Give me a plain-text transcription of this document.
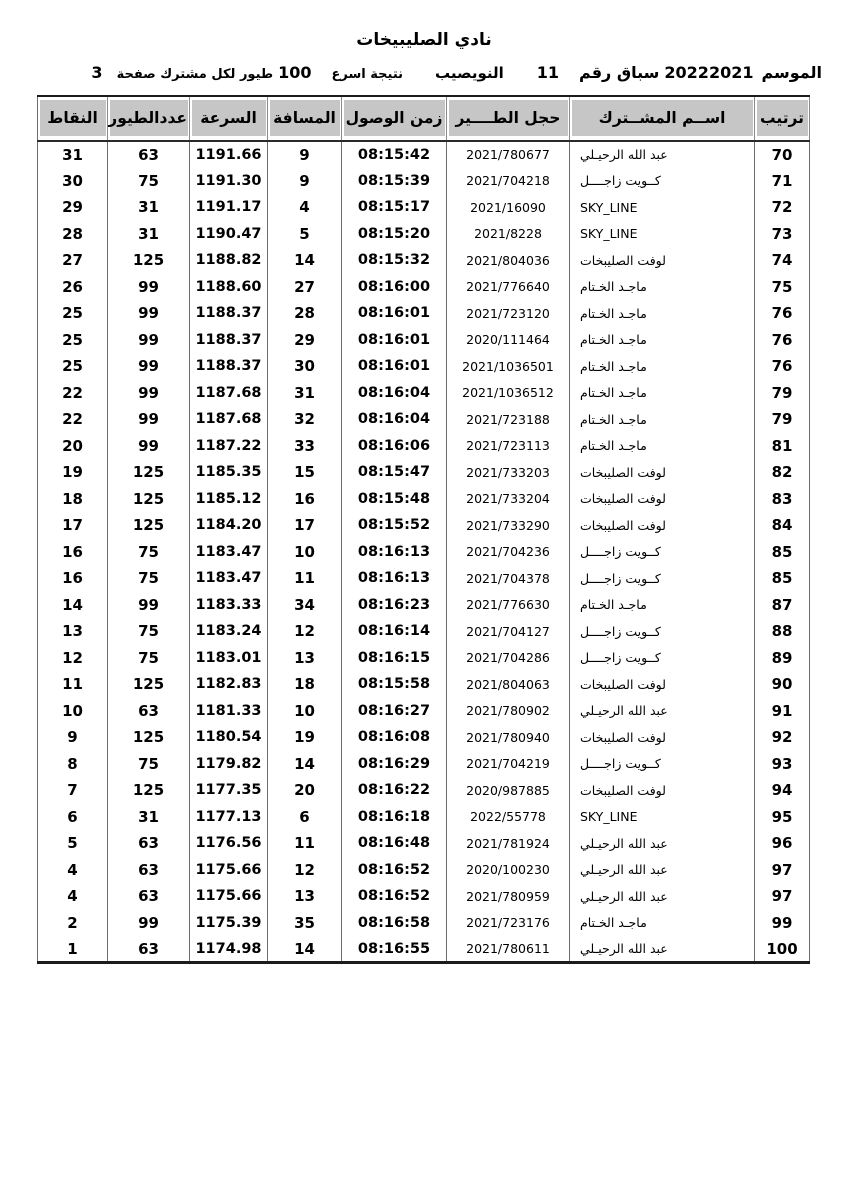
نادي الصليبيخات
الموسم
20222021
سباق رقم
11
النويصيب
نتيجة اسرع
100
طيور لكل مشترك صفحة
3
ترتيب	اســم المشــترك	حجل الطــــير	زمن الوصول	المسافة	السرعة	عددالطيور	النقاط
70	عبد الله الرحيـلي	2021/780677	08:15:42	9	1191.66	63	31
71	كــويت زاجــــل	2021/704218	08:15:39	9	1191.30	75	30
72	SKY_LINE	2021/16090	08:15:17	4	1191.17	31	29
73	SKY_LINE	2021/8228	08:15:20	5	1190.47	31	28
74	لوفت الصليبخات	2021/804036	08:15:32	14	1188.82	125	27
75	ماجـد الخـتام	2021/776640	08:16:00	27	1188.60	99	26
76	ماجـد الخـتام	2021/723120	08:16:01	28	1188.37	99	25
76	ماجـد الخـتام	2020/111464	08:16:01	29	1188.37	99	25
76	ماجـد الخـتام	2021/1036501	08:16:01	30	1188.37	99	25
79	ماجـد الخـتام	2021/1036512	08:16:04	31	1187.68	99	22
79	ماجـد الخـتام	2021/723188	08:16:04	32	1187.68	99	22
81	ماجـد الخـتام	2021/723113	08:16:06	33	1187.22	99	20
82	لوفت الصليبخات	2021/733203	08:15:47	15	1185.35	125	19
83	لوفت الصليبخات	2021/733204	08:15:48	16	1185.12	125	18
84	لوفت الصليبخات	2021/733290	08:15:52	17	1184.20	125	17
85	كــويت زاجــــل	2021/704236	08:16:13	10	1183.47	75	16
85	كــويت زاجــــل	2021/704378	08:16:13	11	1183.47	75	16
87	ماجـد الخـتام	2021/776630	08:16:23	34	1183.33	99	14
88	كــويت زاجــــل	2021/704127	08:16:14	12	1183.24	75	13
89	كــويت زاجــــل	2021/704286	08:16:15	13	1183.01	75	12
90	لوفت الصليبخات	2021/804063	08:15:58	18	1182.83	125	11
91	عبد الله الرحيـلي	2021/780902	08:16:27	10	1181.33	63	10
92	لوفت الصليبخات	2021/780940	08:16:08	19	1180.54	125	9
93	كــويت زاجــــل	2021/704219	08:16:29	14	1179.82	75	8
94	لوفت الصليبخات	2020/987885	08:16:22	20	1177.35	125	7
95	SKY_LINE	2022/55778	08:16:18	6	1177.13	31	6
96	عبد الله الرحيـلي	2021/781924	08:16:48	11	1176.56	63	5
97	عبد الله الرحيـلي	2020/100230	08:16:52	12	1175.66	63	4
97	عبد الله الرحيـلي	2021/780959	08:16:52	13	1175.66	63	4
99	ماجـد الخـتام	2021/723176	08:16:58	35	1175.39	99	2
100	عبد الله الرحيـلي	2021/780611	08:16:55	14	1174.98	63	1
